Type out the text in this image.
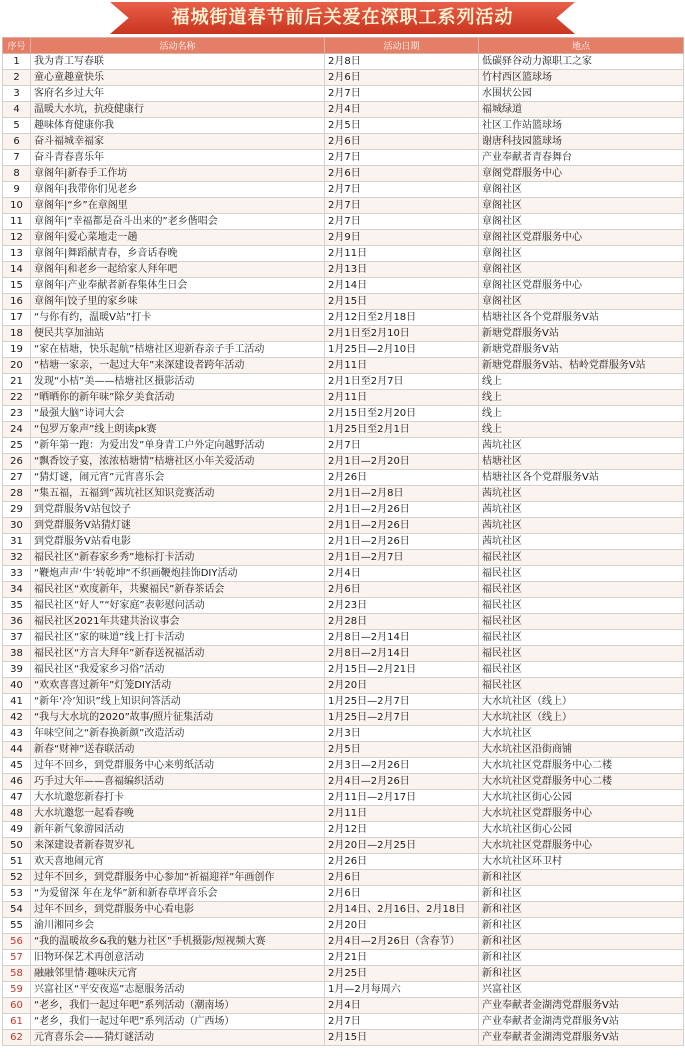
福城街道春节前后关爱在深职工系列活动
序号	活动名称	活动日期	地点
1	我为青工写春联	2月8日	低碳驿谷动力源职工之家
2	童心童趣童快乐	2月6日	竹村西区篮球场
3	客府名乡过大年	2月7日	水围状公园
4	温暖大水坑，抗疫健康行	2月4日	福城绿道
5	趣味体育健康你我	2月5日	社区工作站篮球场
6	奋斗福城幸福家	2月6日	谢唐科技园篮球场
7	奋斗青春喜乐年	2月7日	产业奉献者青春舞台
8	章阁年|新春手工作坊	2月6日	章阁党群服务中心
9	章阁年|我带你们见老乡	2月7日	章阁社区
10	章阁年|“乡”在章阁里	2月7日	章阁社区
11	章阁年|“幸福都是奋斗出来的”老乡偕唱会	2月7日	章阁社区
12	章阁年|爱心菜地走一趟	2月9日	章阁社区党群服务中心
13	章阁年|舞蹈献青春，乡音话春晚	2月11日	章阁社区
14	章阁年|和老乡一起给家人拜年吧	2月13日	章阁社区
15	章阁年|产业奉献者新春集体生日会	2月14日	章阁社区党群服务中心
16	章阁年|饺子里的家乡味	2月15日	章阁社区
17	“与你有约，温暖V站”打卡	2月12日至2月18日	桔塘社区各个党群服务V站
18	便民共享加油站	2月1日至2月10日	新塘党群服务V站
19	“家在桔塘，快乐起航”桔塘社区迎新春亲子手工活动	1月25日—2月10日	新塘党群服务V站
20	“桔塘一家亲，一起过大年”来深建设者跨年活动	2月11日	新塘党群服务V站、桔岭党群服务V站
21	发现“小桔”美——桔塘社区摄影活动	2月1日至2月7日	线上
22	“晒晒你的新年味”除夕美食活动	2月11日	线上
23	“最强大脑”诗词大会	2月15日至2月20日	线上
24	“包罗万象声”线上朗读pk赛	1月25日至2月1日	线上
25	“新年第一跑：为爱出发”单身青工户外定向越野活动	2月7日	茜坑社区
26	“飘香饺子宴，浓浓桔塘情”桔塘社区小年关爱活动	2月1日—2月20日	桔塘社区
27	“猜灯谜，闹元宵”元宵喜乐会	2月26日	桔塘社区各个党群服务V站
28	“集五福，五福到”茜坑社区知识竞赛活动	2月1日—2月8日	茜坑社区
29	到党群服务V站包饺子	2月1日—2月26日	茜坑社区
30	到党群服务V站猜灯谜	2月1日—2月26日	茜坑社区
31	到党群服务V站看电影	2月1日—2月26日	茜坑社区
32	福民社区“新春家乡秀”地标打卡活动	2月1日—2月7日	福民社区
33	“鞭炮声声‘牛’转乾坤”不织画鞭炮挂饰DIY活动	2月4日	福民社区
34	福民社区“欢度新年，共聚福民”新春茶话会	2月6日	福民社区
35	福民社区“好人”“好家庭”表彰慰问活动	2月23日	福民社区
36	福民社区2021年共建共治议事会	2月28日	福民社区
37	福民社区“家的味道”线上打卡活动	2月8日—2月14日	福民社区
38	福民社区“方言大拜年”新春送祝福活动	2月8日—2月14日	福民社区
39	福民社区“我爱家乡习俗”活动	2月15日—2月21日	福民社区
40	“欢欢喜喜过新年”灯笼DIY活动	2月20日	福民社区
41	“新年‘冷’知识”线上知识问答活动	1月25日—2月7日	大水坑社区（线上）
42	“我与大水坑的2020”故事/照片征集活动	1月25日—2月7日	大水坑社区（线上）
43	年味空间之“新春换新颜”改造活动	2月3日	大水坑社区
44	新春“财神”送春联活动	2月5日	大水坑社区沿街商铺
45	过年不回乡，到党群服务中心来剪纸活动	2月3日—2月26日	大水坑社区党群服务中心二楼
46	巧手过大年——喜福编织活动	2月4日—2月26日	大水坑社区党群服务中心二楼
47	大水坑邀您新春打卡	2月11日—2月17日	大水坑社区街心公园
48	大水坑邀您一起看春晚	2月11日	大水坑社区党群服务中心
49	新年新气象游园活动	2月12日	大水坑社区街心公园
50	来深建设者新春贺岁礼	2月20日—2月25日	大水坑社区党群服务中心
51	欢天喜地闹元宵	2月26日	大水坑社区环卫村
52	过年不回乡，到党群服务中心参加“祈福迎祥”年画创作	2月6日	新和社区
53	“为爱留深 年在龙华”新和新春草坪音乐会	2月6日	新和社区
54	过年不回乡，到党群服务中心看电影	2月14日、2月16日、2月18日	新和社区
55	渝川湘同乡会	2月20日	新和社区
56	“我的温暖故乡&我的魅力社区”手机摄影/短视频大赛	2月4日—2月26日（含春节）	新和社区
57	旧物环保艺术再创意活动	2月21日	新和社区
58	融融邻里情·趣味庆元宵	2月25日	新和社区
59	兴富社区“平安夜巡”志愿服务活动	1月—2月每周六	兴富社区
60	“老乡，我们一起过年吧”系列活动（潮南场）	2月4日	产业奉献者金湖湾党群服务V站
61	“老乡，我们一起过年吧”系列活动（广西场）	2月7日	产业奉献者金湖湾党群服务V站
62	元宵喜乐会——猜灯谜活动	2月15日	产业奉献者金湖湾党群服务V站
